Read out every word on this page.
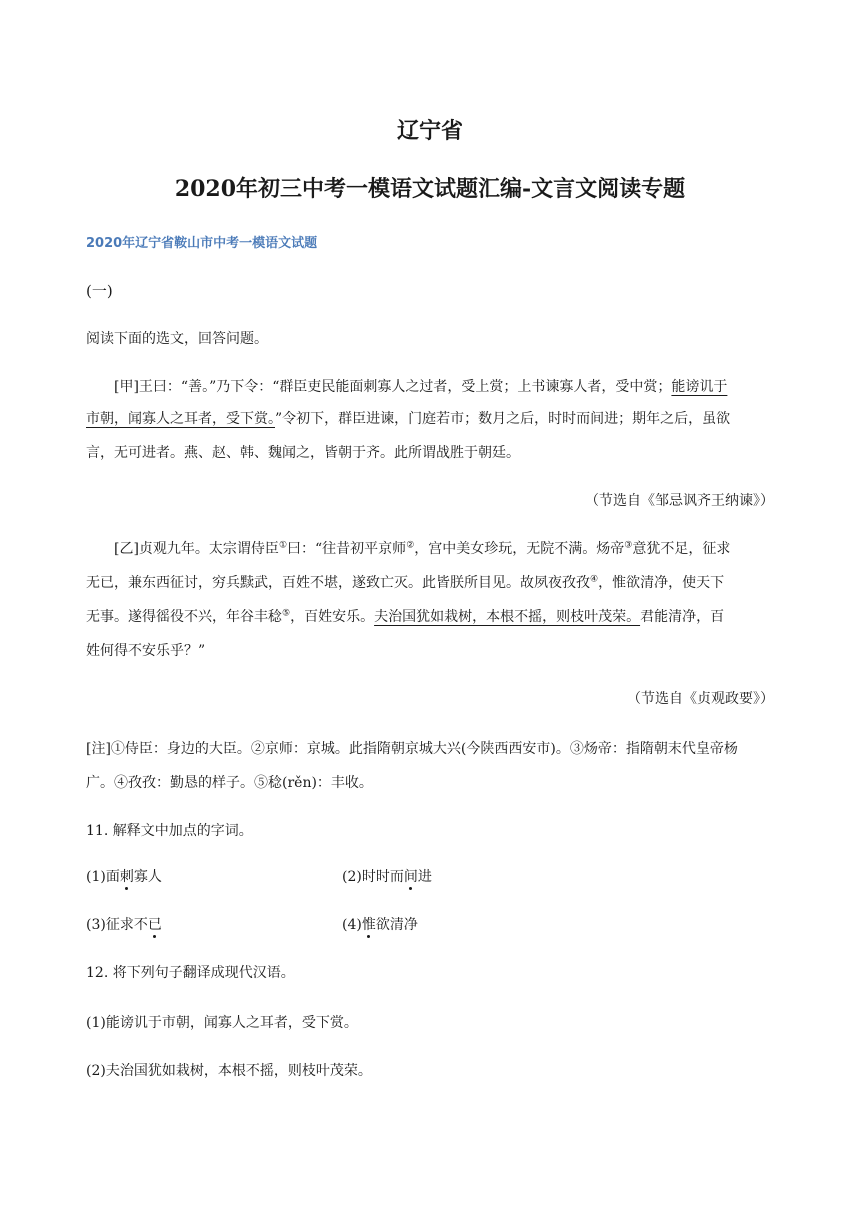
辽宁省
2020年初三中考一模语文试题汇编-文言文阅读专题
2020年辽宁省鞍山市中考一模语文试题
(一)
阅读下面的选文，回答问题。
[甲]王曰：“善。”乃下令：“群臣吏民能面刺寡人之过者，受上赏；上书谏寡人者，受中赏；能谤讥于
市朝，闻寡人之耳者，受下赏。”令初下，群臣进谏，门庭若市；数月之后，时时而间进；期年之后，虽欲
言，无可进者。燕、赵、韩、魏闻之，皆朝于齐。此所谓战胜于朝廷。
（节选自《邹忌讽齐王纳谏》）
[乙]贞观九年。太宗谓侍臣①曰：“往昔初平京师②，宫中美女珍玩，无院不满。炀帝③意犹不足，征求
无已，兼东西征讨，穷兵黩武，百姓不堪，遂致亡灭。此皆朕所目见。故夙夜孜孜④，惟欲清净，使天下
无事。遂得徭役不兴，年谷丰稔⑤，百姓安乐。夫治国犹如栽树，本根不摇，则枝叶茂荣。君能清净，百
姓何得不安乐乎？”
（节选自《贞观政要》）
[注]①侍臣：身边的大臣。②京师：京城。此指隋朝京城大兴(今陕西西安市)。③炀帝：指隋朝末代皇帝杨
广。④孜孜：勤恳的样子。⑤稔(rěn)：丰收。
11. 解释文中加点的字词。
(1)面刺寡人	(2)时时而间进
(3)征求不已	(4)惟欲清净
12. 将下列句子翻译成现代汉语。
(1)能谤讥于市朝，闻寡人之耳者，受下赏。
(2)夫治国犹如栽树，本根不摇，则枝叶茂荣。
